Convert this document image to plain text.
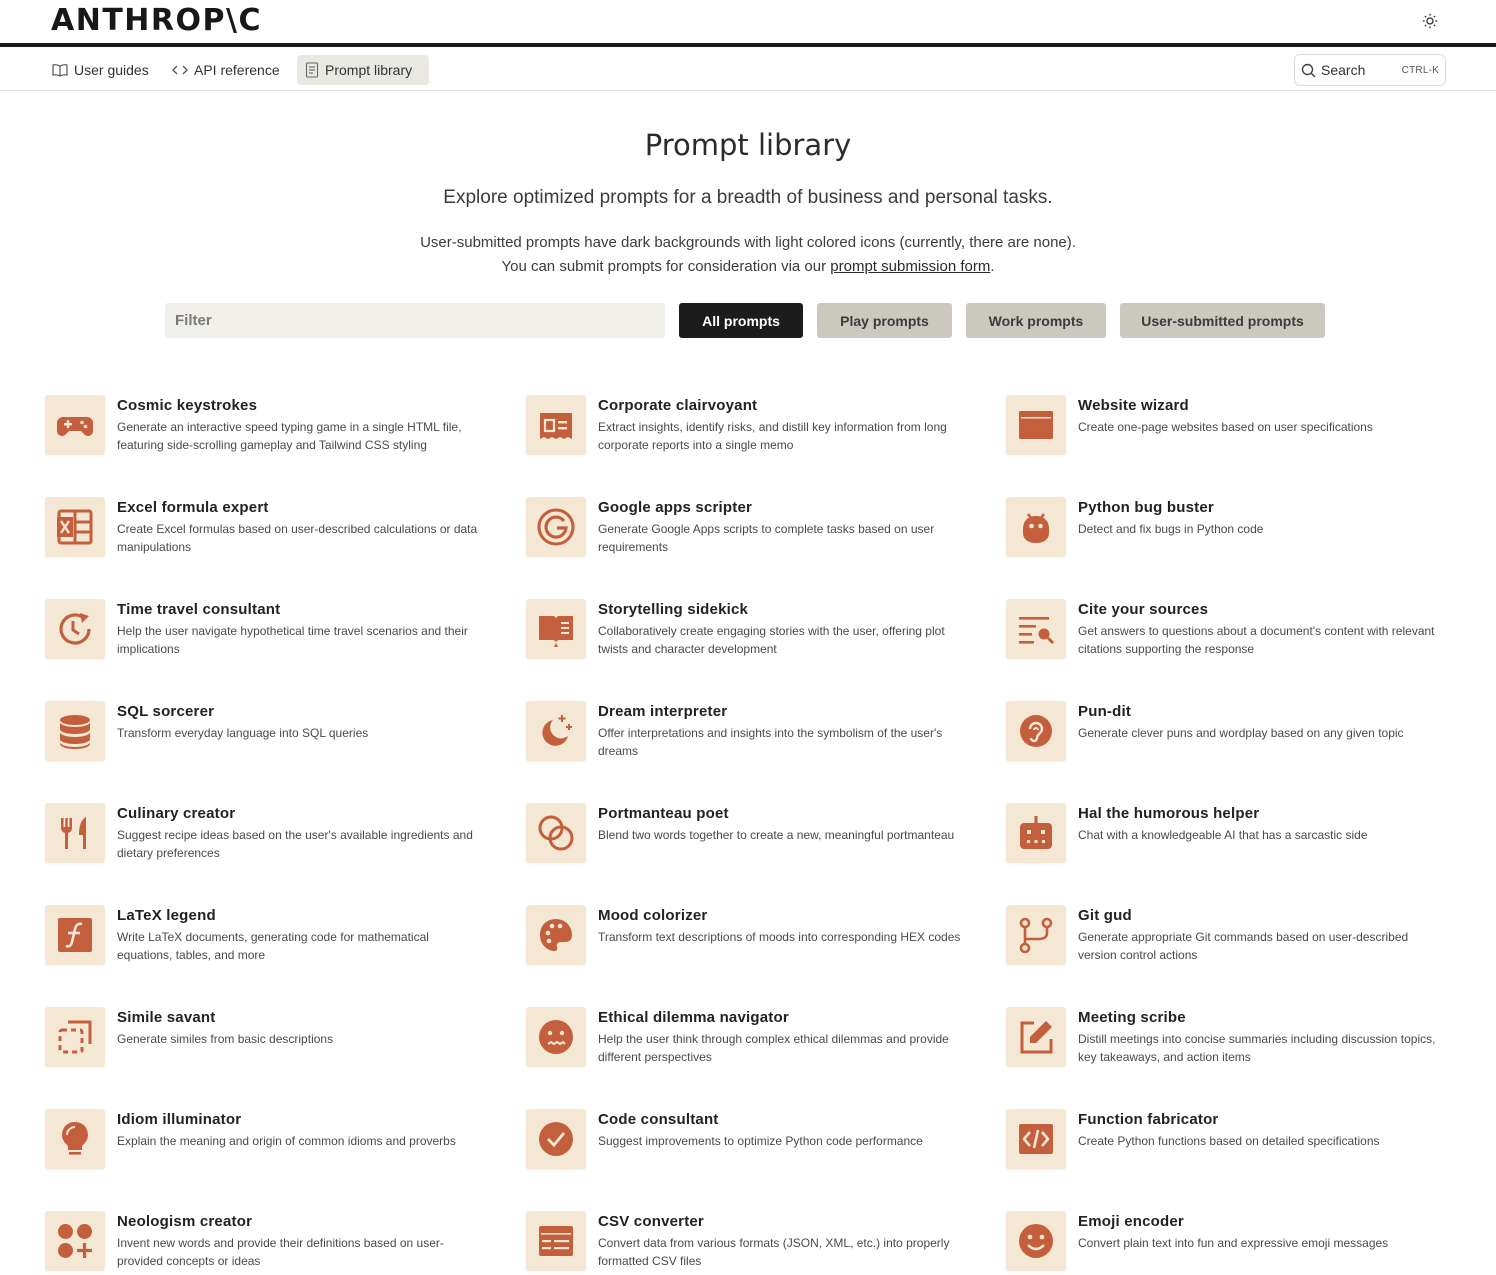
ANTHROP\C
User guides	API reference	Prompt library	Search	CTRL-K
Prompt library

Explore optimized prompts for a breadth of business and personal tasks.

User-submitted prompts have dark backgrounds with light colored icons (currently, there are none).
You can submit prompts for consideration via our prompt submission form.
Filter
All prompts	Play prompts	Work prompts	User-submitted prompts
Cosmic keystrokes
Generate an interactive speed typing game in a single HTML file, featuring side-scrolling gameplay and Tailwind CSS styling
Corporate clairvoyant
Extract insights, identify risks, and distill key information from long corporate reports into a single memo
Website wizard
Create one-page websites based on user specifications
Excel formula expert
Create Excel formulas based on user-described calculations or data manipulations
Google apps scripter
Generate Google Apps scripts to complete tasks based on user requirements
Python bug buster
Detect and fix bugs in Python code
Time travel consultant
Help the user navigate hypothetical time travel scenarios and their implications
Storytelling sidekick
Collaboratively create engaging stories with the user, offering plot twists and character development
Cite your sources
Get answers to questions about a document's content with relevant citations supporting the response
SQL sorcerer
Transform everyday language into SQL queries
Dream interpreter
Offer interpretations and insights into the symbolism of the user's dreams
Pun-dit
Generate clever puns and wordplay based on any given topic
Culinary creator
Suggest recipe ideas based on the user's available ingredients and dietary preferences
Portmanteau poet
Blend two words together to create a new, meaningful portmanteau
Hal the humorous helper
Chat with a knowledgeable AI that has a sarcastic side
LaTeX legend
Write LaTeX documents, generating code for mathematical equations, tables, and more
Mood colorizer
Transform text descriptions of moods into corresponding HEX codes
Git gud
Generate appropriate Git commands based on user-described version control actions
Simile savant
Generate similes from basic descriptions
Ethical dilemma navigator
Help the user think through complex ethical dilemmas and provide different perspectives
Meeting scribe
Distill meetings into concise summaries including discussion topics, key takeaways, and action items
Idiom illuminator
Explain the meaning and origin of common idioms and proverbs
Code consultant
Suggest improvements to optimize Python code performance
Function fabricator
Create Python functions based on detailed specifications
Neologism creator
Invent new words and provide their definitions based on user-provided concepts or ideas
CSV converter
Convert data from various formats (JSON, XML, etc.) into properly formatted CSV files
Emoji encoder
Convert plain text into fun and expressive emoji messages
